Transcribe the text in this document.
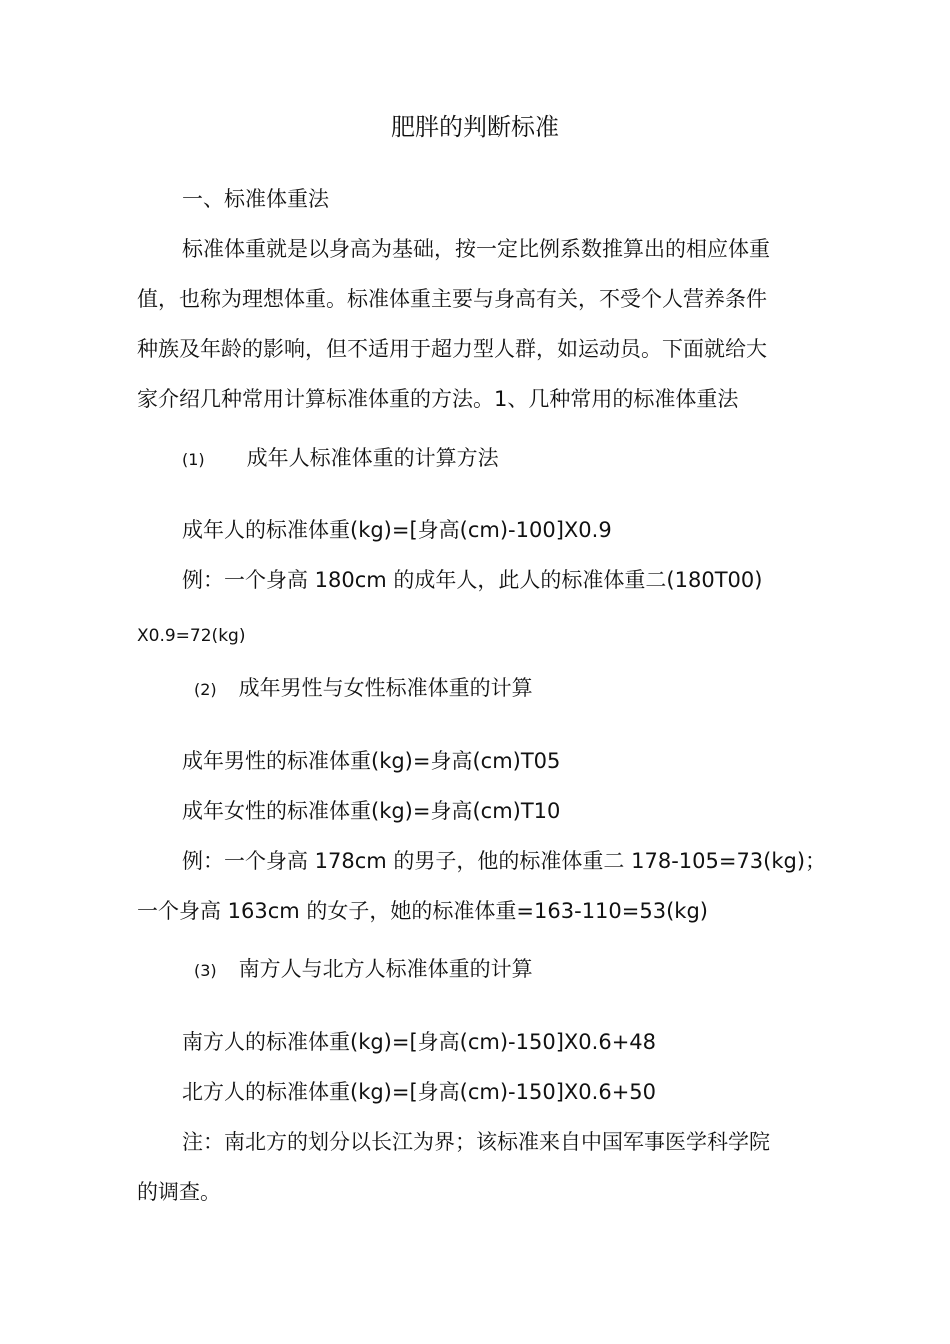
肥胖的判断标准
一、标准体重法
标准体重就是以身高为基础，按一定比例系数推算出的相应体重
值，也称为理想体重。标准体重主要与身高有关，不受个人营养条件
种族及年龄的影响，但不适用于超力型人群，如运动员。下面就给大
家介绍几种常用计算标准体重的方法。1、几种常用的标准体重法
(1) 成年人标准体重的计算方法
成年人的标准体重(kg)=[身高(cm)-100]X0.9
例：一个身高 180cm 的成年人，此人的标准体重二(180T00)
X0.9=72(kg)
(2) 成年男性与女性标准体重的计算
成年男性的标准体重(kg)=身高(cm)T05
成年女性的标准体重(kg)=身高(cm)T10
例：一个身高 178cm 的男子，他的标准体重二 178-105=73(kg)；
一个身高 163cm 的女子，她的标准体重=163-110=53(kg)
(3) 南方人与北方人标准体重的计算
南方人的标准体重(kg)=[身高(cm)-150]X0.6+48
北方人的标准体重(kg)=[身高(cm)-150]X0.6+50
注：南北方的划分以长江为界；该标准来自中国军事医学科学院
的调查。
